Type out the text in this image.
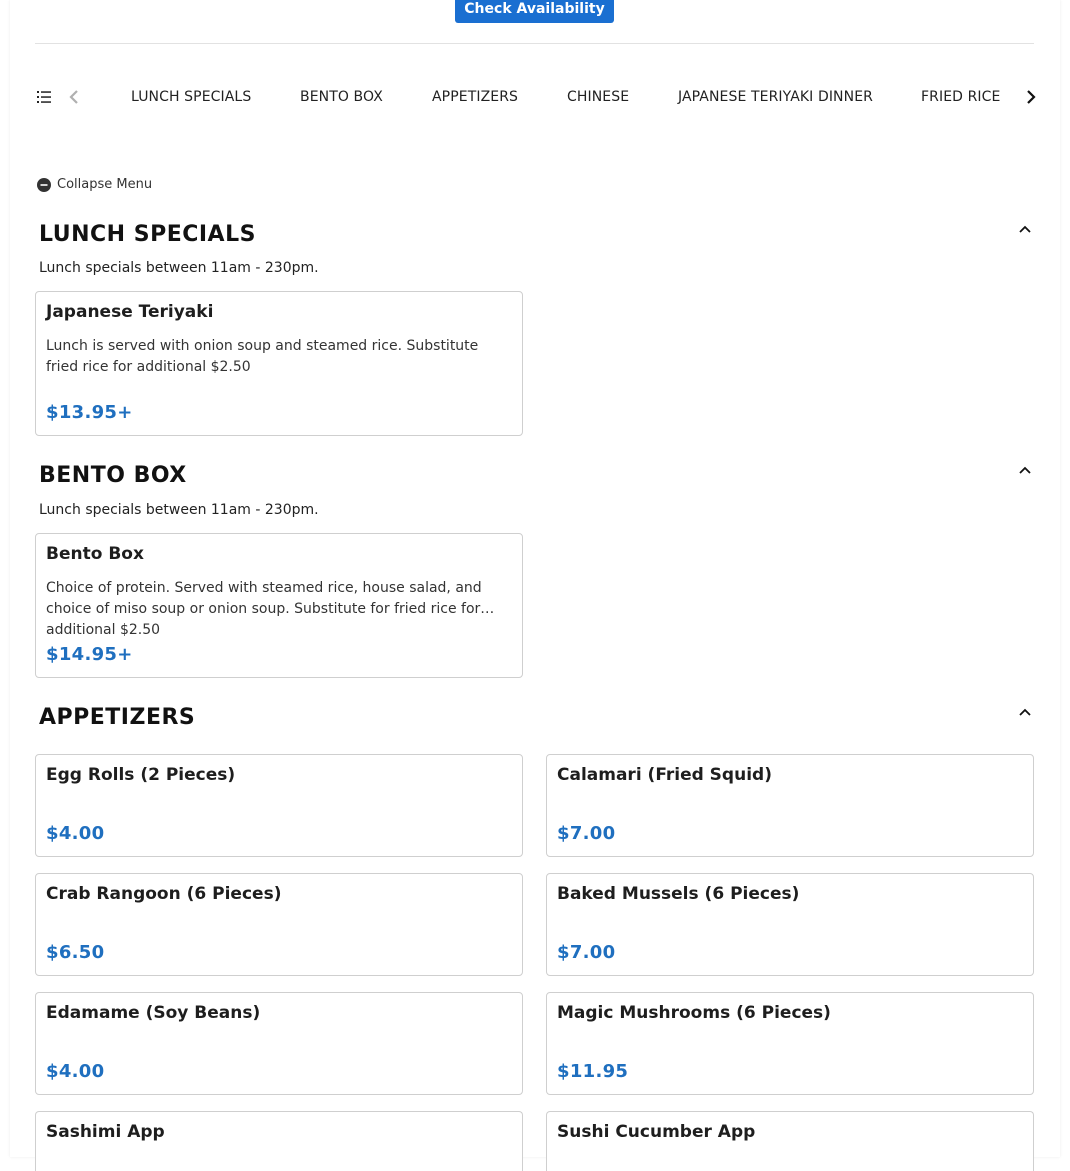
Check Availability
LUNCH SPECIALS	BENTO BOX	APPETIZERS	CHINESE	JAPANESE TERIYAKI DINNER	FRIED RICE
Collapse Menu
LUNCH SPECIALS
Lunch specials between 11am - 230pm.
Japanese Teriyaki
Lunch is served with onion soup and steamed rice. Substitute fried rice for additional $2.50
$13.95+
BENTO BOX
Lunch specials between 11am - 230pm.
Bento Box
Choice of protein. Served with steamed rice, house salad, and choice of miso soup or onion soup. Substitute for fried rice for additional $2.50
$14.95+
APPETIZERS
Egg Rolls (2 Pieces)
$4.00
Calamari (Fried Squid)
$7.00
Crab Rangoon (6 Pieces)
$6.50
Baked Mussels (6 Pieces)
$7.00
Edamame (Soy Beans)
$4.00
Magic Mushrooms (6 Pieces)
$11.95
Sashimi App	Sushi Cucumber App
